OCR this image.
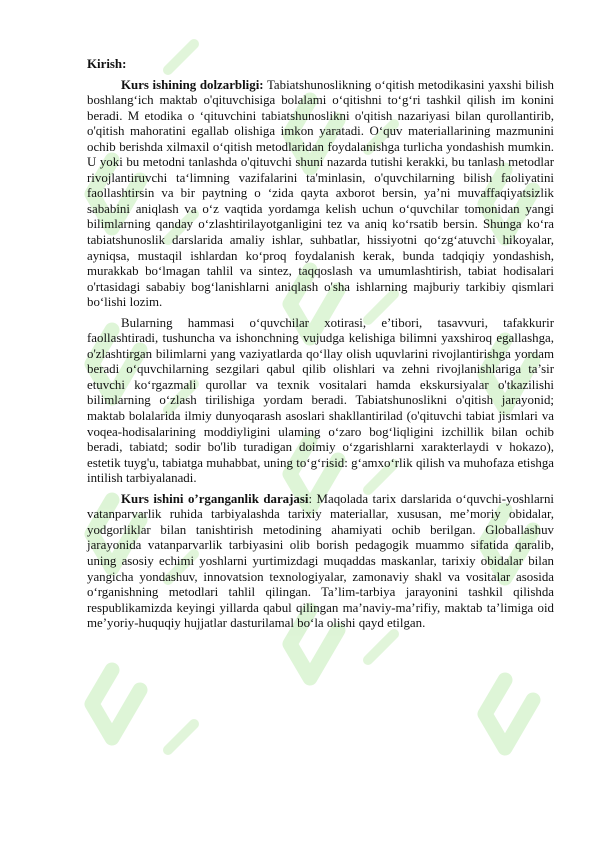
Kirish:

Kurs ishining dolzarbligi: Tabiatshunoslikning o‘qitish metodikasini yaxshi bilish boshlang‘ich maktab o'qituvchisiga bolalami o‘qitishni to‘g‘ri tashkil qilish im konini beradi. M etodika o ‘qituvchini tabiatshunoslikni o'qitish nazariyasi bilan qurollantirib, o'qitish mahoratini egallab olishiga imkon yaratadi. O‘quv materiallarining mazmunini ochib berishda xilmaxil o‘qitish metodlaridan foydalanishga turlicha yondashish mumkin. U yoki bu metodni tanlashda o'qituvchi shuni nazarda tutishi kerakki, bu tanlash metodlar rivojlantiruvchi ta‘limning vazifalarini ta'minlasin, o'quvchilarning bilish faoliyatini faollashtirsin va bir paytning o ‘zida qayta axborot bersin, ya’ni muvaffaqiyatsizlik sababini aniqlash va o‘z vaqtida yordamga kelish uchun o‘quvchilar tomonidan yangi bilimlarning qanday o‘zlashtirilayotganligini tez va aniq ko‘rsatib bersin. Shunga ko‘ra tabiatshunoslik darslarida amaliy ishlar, suhbatlar, hissiyotni qo‘zg‘atuvchi hikoyalar, ayniqsa, mustaqil ishlardan ko‘proq foydalanish kerak, bunda tadqiqiy yondashish, murakkab bo‘lmagan tahlil va sintez, taqqoslash va umumlashtirish, tabiat hodisalari o'rtasidagi sababiy bog‘lanishlarni aniqlash o'sha ishlarning majburiy tarkibiy qismlari bo‘lishi lozim.

Bularning hammasi o‘quvchilar xotirasi, e’tibori, tasavvuri, tafakkurir faollashtiradi, tushuncha va ishonchning vujudga kelishiga bilimni yaxshiroq egallashga, o'zlashtirgan bilimlarni yang vaziyatlarda qo‘llay olish uquvlarini rivojlantirishga yordam beradi o‘quvchilarning sezgilari qabul qilib olishlari va zehni rivojlanishlariga ta’sir etuvchi ko‘rgazmali qurollar va texnik vositalari hamda ekskursiyalar o'tkazilishi bilimlarning o‘zlash tirilishiga yordam beradi. Tabiatshunoslikni o'qitish jarayonid; maktab bolalarida ilmiy dunyoqarash asoslari shakllantirilad (o'qituvchi tabiat jismlari va voqea-hodisalarining moddiyligini ulaming o‘zaro bog‘liqligini izchillik bilan ochib beradi, tabiatd; sodir bo'lib turadigan doimiy o‘zgarishlarni xarakterlaydi v hokazo), estetik tuyg'u, tabiatga muhabbat, uning to‘g‘risid: g‘amxo‘rlik qilish va muhofaza etishga intilish tarbiyalanadi.

Kurs ishini o’rganganlik darajasi: Maqolada tarix darslarida o‘quvchi-yoshlarni vatanparvarlik ruhida tarbiyalashda tarixiy materiallar, xususan, me’moriy obidalar, yodgorliklar bilan tanishtirish metodining ahamiyati ochib berilgan. Globallashuv jarayonida vatanparvarlik tarbiyasini olib borish pedagogik muammo sifatida qaralib, uning asosiy echimi yoshlarni yurtimizdagi muqaddas maskanlar, tarixiy obidalar bilan yangicha yondashuv, innovatsion texnologiyalar, zamonaviy shakl va vositalar asosida o‘rganishning metodlari tahlil qilingan. Ta’lim-tarbiya jarayonini tashkil qilishda respublikamizda keyingi yillarda qabul qilingan ma’naviy-ma’rifiy, maktab ta’limiga oid me’yoriy-huquqiy hujjatlar dasturilamal bo‘la olishi qayd etilgan.
